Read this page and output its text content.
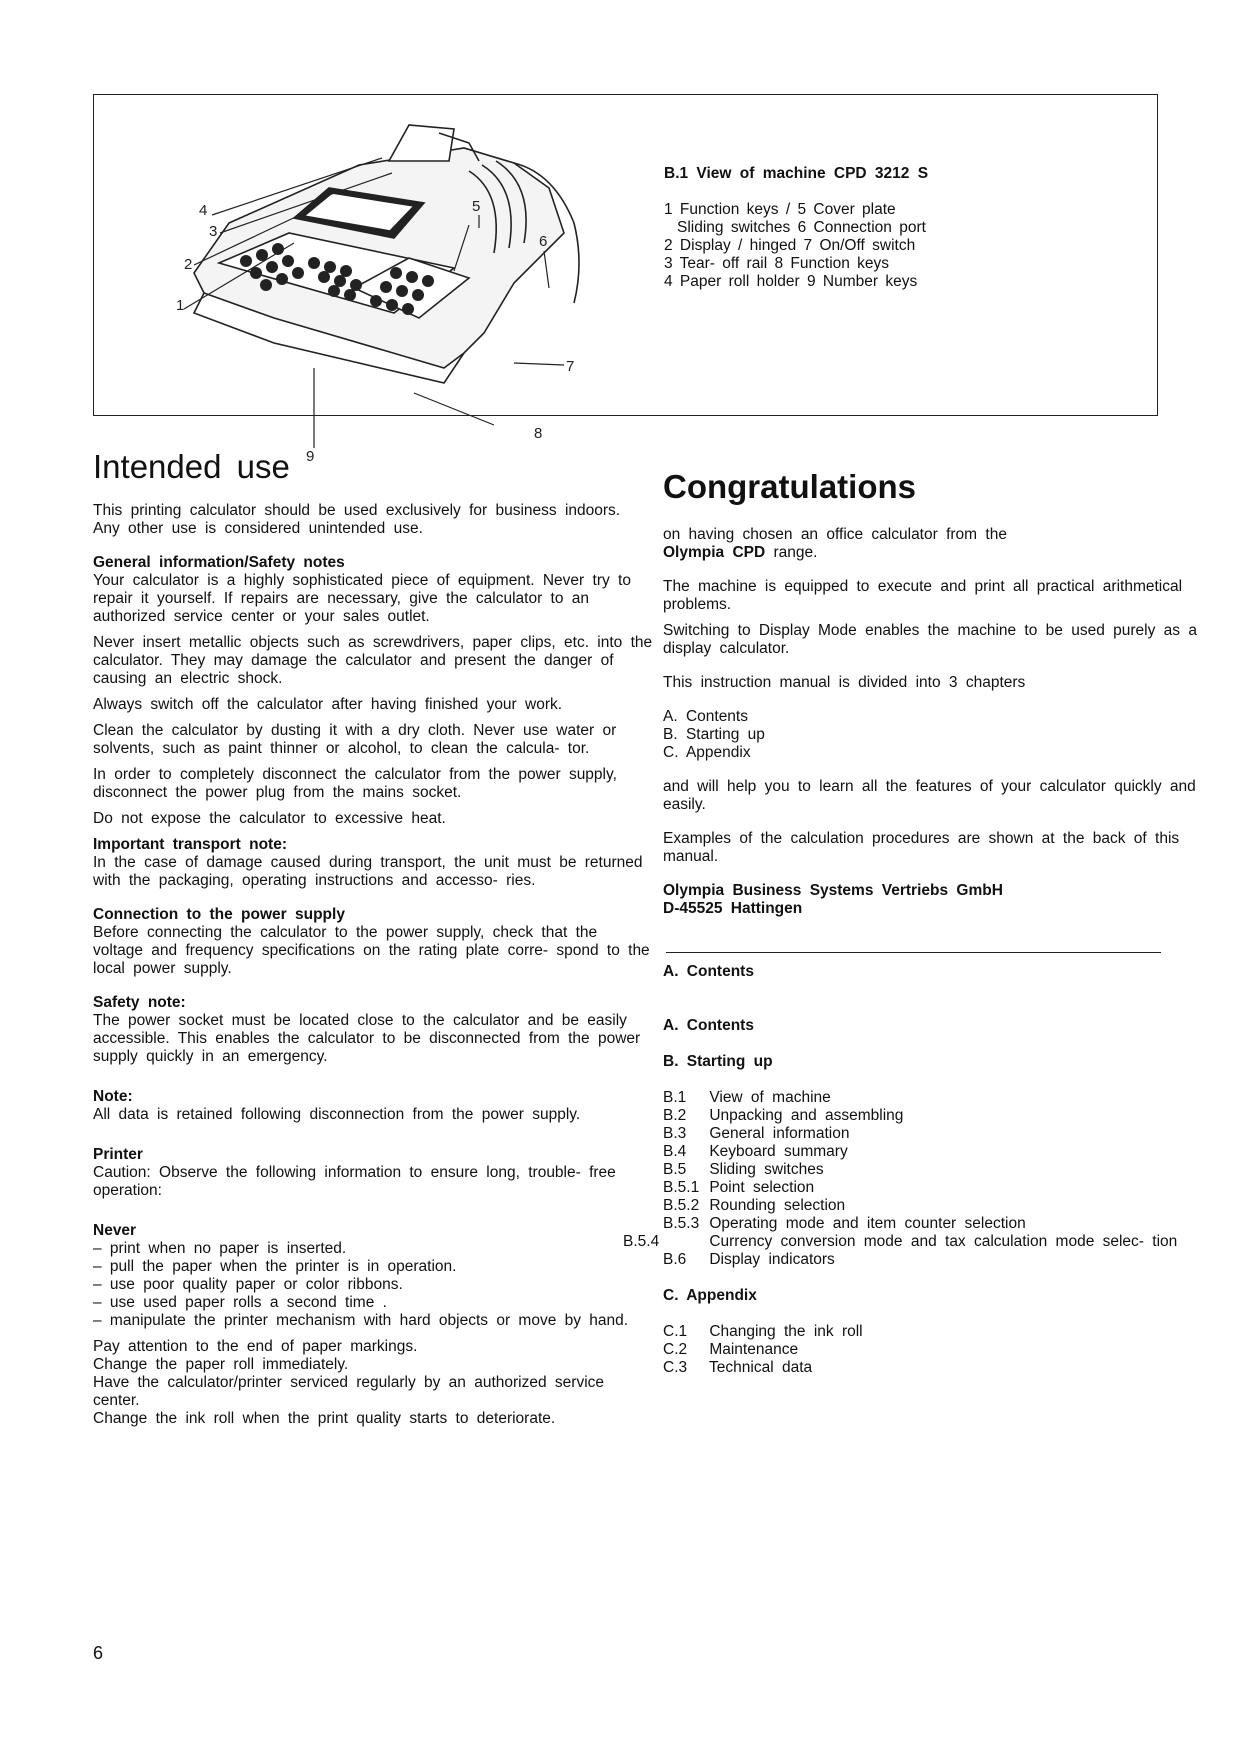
1
2
3
4	5
6
7
8
9
B.1 View of machine CPD 3212 S
1 Function keys / 5 Cover plate
Sliding switches 6 Connection port
2 Display / hinged 7 On/Off switch
3 Tear- off rail 8 Function keys
4 Paper roll holder 9 Number keys
Intended use

This printing calculator should be used exclusively for business indoors. Any other use is considered unintended use.

General information/Safety notes

Your calculator is a highly sophisticated piece of equipment. Never try to repair it yourself. If repairs are necessary, give the calculator to an authorized service center or your sales outlet.

Never insert metallic objects such as screwdrivers, paper clips, etc. into the calculator. They may damage the calculator and present the danger of causing an electric shock.

Always switch off the calculator after having finished your work.

Clean the calculator by dusting it with a dry cloth. Never use water or solvents, such as paint thinner or alcohol, to clean the calcula- tor.

In order to completely disconnect the calculator from the power supply, disconnect the power plug from the mains socket.

Do not expose the calculator to excessive heat.

Important transport note:

In the case of damage caused during transport, the unit must be returned with the packaging, operating instructions and accesso- ries.

Connection to the power supply

Before connecting the calculator to the power supply, check that the voltage and frequency specifications on the rating plate corre- spond to the local power supply.

Safety note:

The power socket must be located close to the calculator and be easily accessible. This enables the calculator to be disconnected from the power supply quickly in an emergency.

Note:

All data is retained following disconnection from the power supply.

Printer

Caution: Observe the following information to ensure long, trouble- free operation:

Never
– print when no paper is inserted.
– pull the paper when the printer is in operation.
– use poor quality paper or color ribbons.
– use used paper rolls a second time .
– manipulate the printer mechanism with hard objects or move by hand.
Pay attention to the end of paper markings.
Change the paper roll immediately.
Have the calculator/printer serviced regularly by an authorized service center.
Change the ink roll when the print quality starts to deteriorate.
Congratulations
on having chosen an office calculator from the

Olympia CPD range.

The machine is equipped to execute and print all practical arithmetical problems.

Switching to Display Mode enables the machine to be used purely as a display calculator.

This instruction manual is divided into 3 chapters

A. Contents
B. Starting up

C. Appendix

and will help you to learn all the features of your calculator quickly and easily.

Examples of the calculation procedures are shown at the back of this manual.

Olympia Business Systems Vertriebs GmbH
D-45525 Hattingen
A. Contents
A. Contents
B. Starting up
B.1 View of machine
B.2 Unpacking and assembling
B.3 General information
B.4 Keyboard summary
B.5 Sliding switches
B.5.1 Point selection
B.5.2 Rounding selection
B.5.3 Operating mode and item counter selection
B.5.4	Currency conversion mode and tax calculation mode selec- tion
B.6 Display indicators
C. Appendix
C.1 Changing the ink roll
C.2 Maintenance
C.3 Technical data
6
